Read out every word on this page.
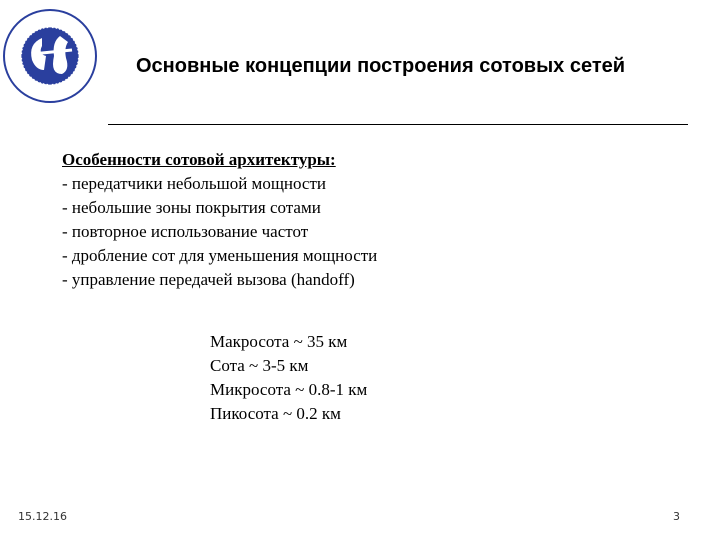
Основные концепции построения сотовых сетей
Особенности сотовой архитектуры:
- передатчики небольшой мощности
- небольшие зоны покрытия сотами
- повторное использование частот
- дробление сот для уменьшения мощности
- управление передачей вызова (handoff)
Макросота ~ 35 км
Сота ~ 3-5 км
Микросота ~ 0.8-1 км
Пикосота ~ 0.2 км
15.12.16	3
